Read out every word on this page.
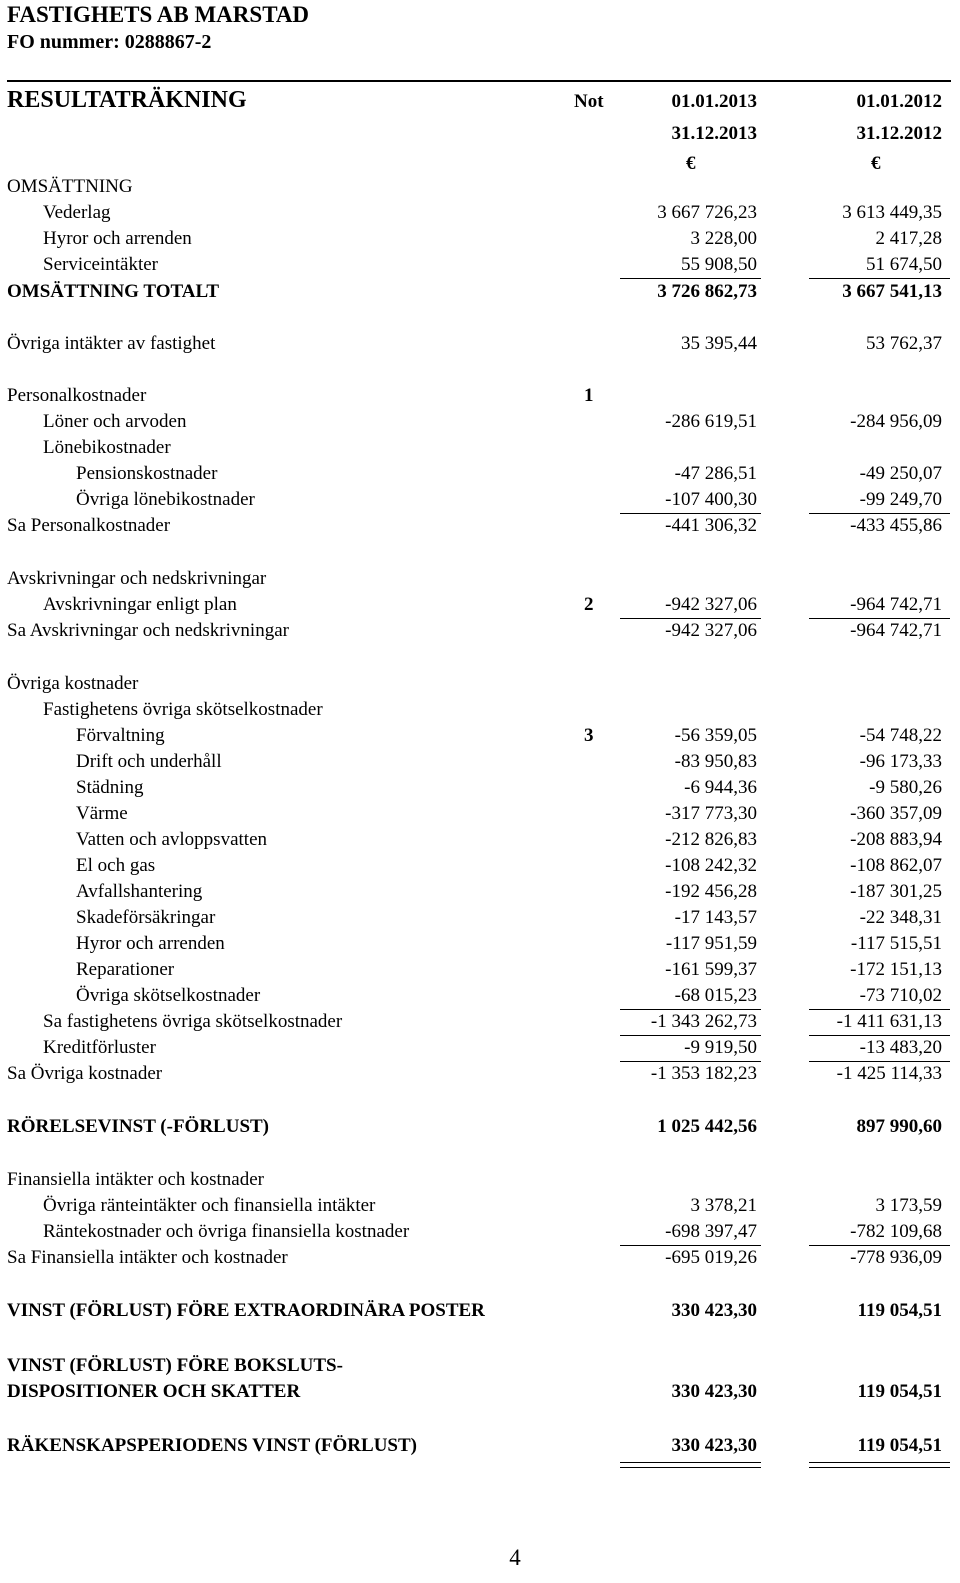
FASTIGHETS AB MARSTAD
FO nummer: 0288867-2
RESULTATRÄKNING	Not	01.01.2013	01.01.2012
31.12.2013	31.12.2012
€	€
OMSÄTTNING
Vederlag	3 667 726,23	3 613 449,35
Hyror och arrenden	3 228,00	2 417,28
Serviceintäkter	55 908,50	51 674,50
OMSÄTTNING TOTALT	3 726 862,73	3 667 541,13
Övriga intäkter av fastighet	35 395,44	53 762,37
Personalkostnader	1
Löner och arvoden	-286 619,51	-284 956,09
Lönebikostnader
Pensionskostnader	-47 286,51	-49 250,07
Övriga lönebikostnader	-107 400,30	-99 249,70
Sa Personalkostnader	-441 306,32	-433 455,86
Avskrivningar och nedskrivningar
Avskrivningar enligt plan	2	-942 327,06	-964 742,71
Sa Avskrivningar och nedskrivningar	-942 327,06	-964 742,71
Övriga kostnader
Fastighetens övriga skötselkostnader
Förvaltning	3	-56 359,05	-54 748,22
Drift och underhåll	-83 950,83	-96 173,33
Städning	-6 944,36	-9 580,26
Värme	-317 773,30	-360 357,09
Vatten och avloppsvatten	-212 826,83	-208 883,94
El och gas	-108 242,32	-108 862,07
Avfallshantering	-192 456,28	-187 301,25
Skadeförsäkringar	-17 143,57	-22 348,31
Hyror och arrenden	-117 951,59	-117 515,51
Reparationer	-161 599,37	-172 151,13
Övriga skötselkostnader	-68 015,23	-73 710,02
Sa fastighetens övriga skötselkostnader	-1 343 262,73	-1 411 631,13
Kreditförluster	-9 919,50	-13 483,20
Sa Övriga kostnader	-1 353 182,23	-1 425 114,33
RÖRELSEVINST (-FÖRLUST)	1 025 442,56	897 990,60
Finansiella intäkter och kostnader
Övriga ränteintäkter och finansiella intäkter	3 378,21	3 173,59
Räntekostnader och övriga finansiella kostnader	-698 397,47	-782 109,68
Sa Finansiella intäkter och kostnader	-695 019,26	-778 936,09
VINST (FÖRLUST) FÖRE EXTRAORDINÄRA POSTER	330 423,30	119 054,51
VINST (FÖRLUST) FÖRE BOKSLUTS-
DISPOSITIONER OCH SKATTER	330 423,30	119 054,51
RÄKENSKAPSPERIODENS VINST (FÖRLUST)	330 423,30	119 054,51
4
